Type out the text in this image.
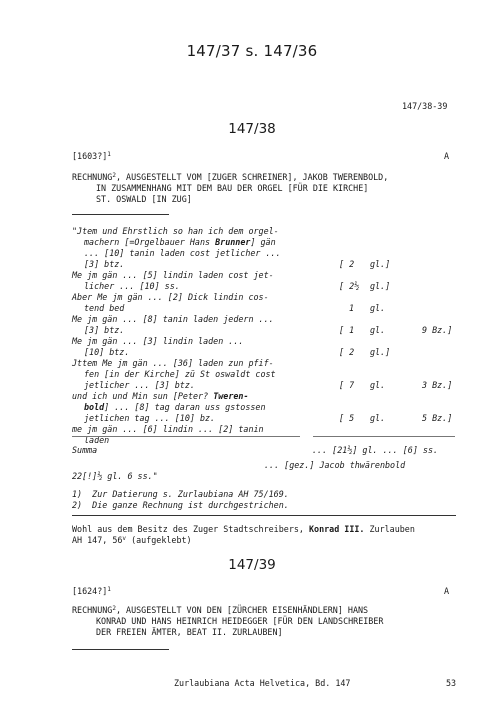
147/37 s. 147/36
147/38-39
147/38
[1603?]$^1$	A
RECHNUNG$^2$, AUSGESTELLT VOM [ZUGER SCHREINER], JAKOB TWERENBOLD,
IN ZUSAMMENHANG MIT DEM BAU DER ORGEL [FÜR DIE KIRCHE]
ST. OSWALD [IN ZUG]
"Jtem und Ehrstlich so han ich dem orgel-
machern [=Orgelbauer Hans Brunner] gän
... [10] tanin laden cost jetlicher ...
[3] btz.	[ 2 gl.]
Me jm gän ... [5] lindin laden cost jet-
licher ... [10] ss.	[ 2½ gl.]
Aber Me jm gän ... [2] Dick lindin cos-
tend bed	1 gl.
Me jm gän ... [8] tanin laden jedern ...
[3] btz.	[ 1 gl.	9 Bz.]
Me jm gän ... [3] lindin laden ...
[10] btz.	[ 2 gl.]
Jttem Me jm gän ... [36] laden zun pfif-
fen [in der Kirche] zü St oswaldt cost
jetlicher ... [3] btz.	[ 7 gl.	3 Bz.]
und ich und Min sun [Peter? Tweren-
bold] ... [8] tag daran uss gstossen
jetlichen tag ... [10] bz.	[ 5 gl.	5 Bz.]
me jm gän ... [6] lindin ... [2] tanin
laden
Summa	... [21½] gl. ... [6] ss.
... [gez.] Jacob thwärenbold
22[!]½ gl. 6 ss."
1)  Zur Datierung s. Zurlaubiana AH 75/169.
2)  Die ganze Rechnung ist durchgestrichen.
Wohl aus dem Besitz des Zuger Stadtschreibers, Konrad III. Zurlauben
AH 147, 56$^v$ (aufgeklebt)
147/39
[1624?]$^1$	A
RECHNUNG$^2$, AUSGESTELLT VON DEN [ZÜRCHER EISENHÄNDLERN] HANS
KONRAD UND HANS HEINRICH HEIDEGGER [FÜR DEN LANDSCHREIBER
DER FREIEN ÄMTER, BEAT II. ZURLAUBEN]
Zurlaubiana Acta Helvetica, Bd. 147	53
